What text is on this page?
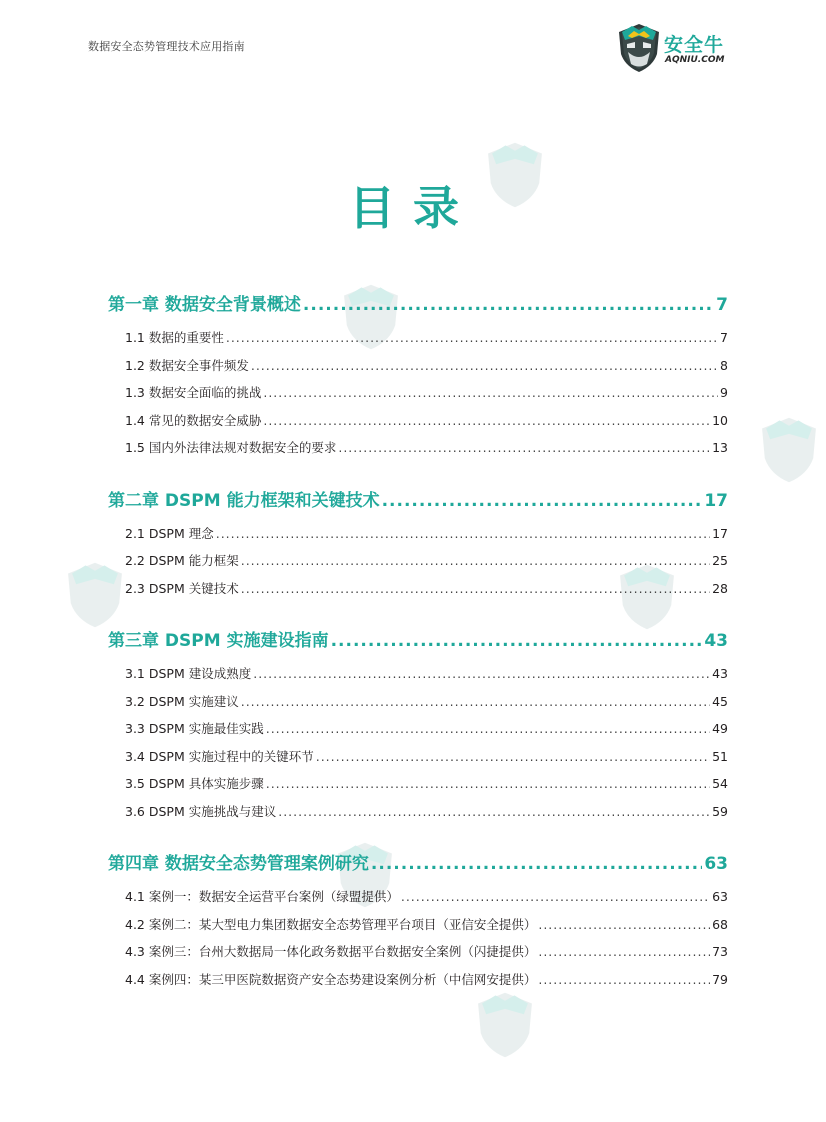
数据安全态势管理技术应用指南	安全牛
AQNIU.COM
目录
第一章 数据安全背景概述 .....	7
1.1 数据的重要性 .....	7
1.2 数据安全事件频发 .....	8
1.3 数据安全面临的挑战 .....	9
1.4 常见的数据安全威胁 .....	10
1.5 国内外法律法规对数据安全的要求 .....	13
第二章 DSPM 能力框架和关键技术 .....	17
2.1 DSPM 理念 .....	17
2.2 DSPM 能力框架 .....	25
2.3 DSPM 关键技术 .....	28
第三章 DSPM 实施建设指南 .....	43
3.1 DSPM 建设成熟度 .....	43
3.2 DSPM 实施建议 .....	45
3.3 DSPM 实施最佳实践 .....	49
3.4 DSPM 实施过程中的关键环节 .....	51
3.5 DSPM 具体实施步骤 .....	54
3.6 DSPM 实施挑战与建议 .....	59
第四章 数据安全态势管理案例研究 .....	63
4.1 案例一：数据安全运营平台案例（绿盟提供） .....	63
4.2 案例二：某大型电力集团数据安全态势管理平台项目（亚信安全提供） .....	68
4.3 案例三：台州大数据局一体化政务数据平台数据安全案例（闪捷提供） .....	73
4.4 案例四：某三甲医院数据资产安全态势建设案例分析（中信网安提供） .....	79
